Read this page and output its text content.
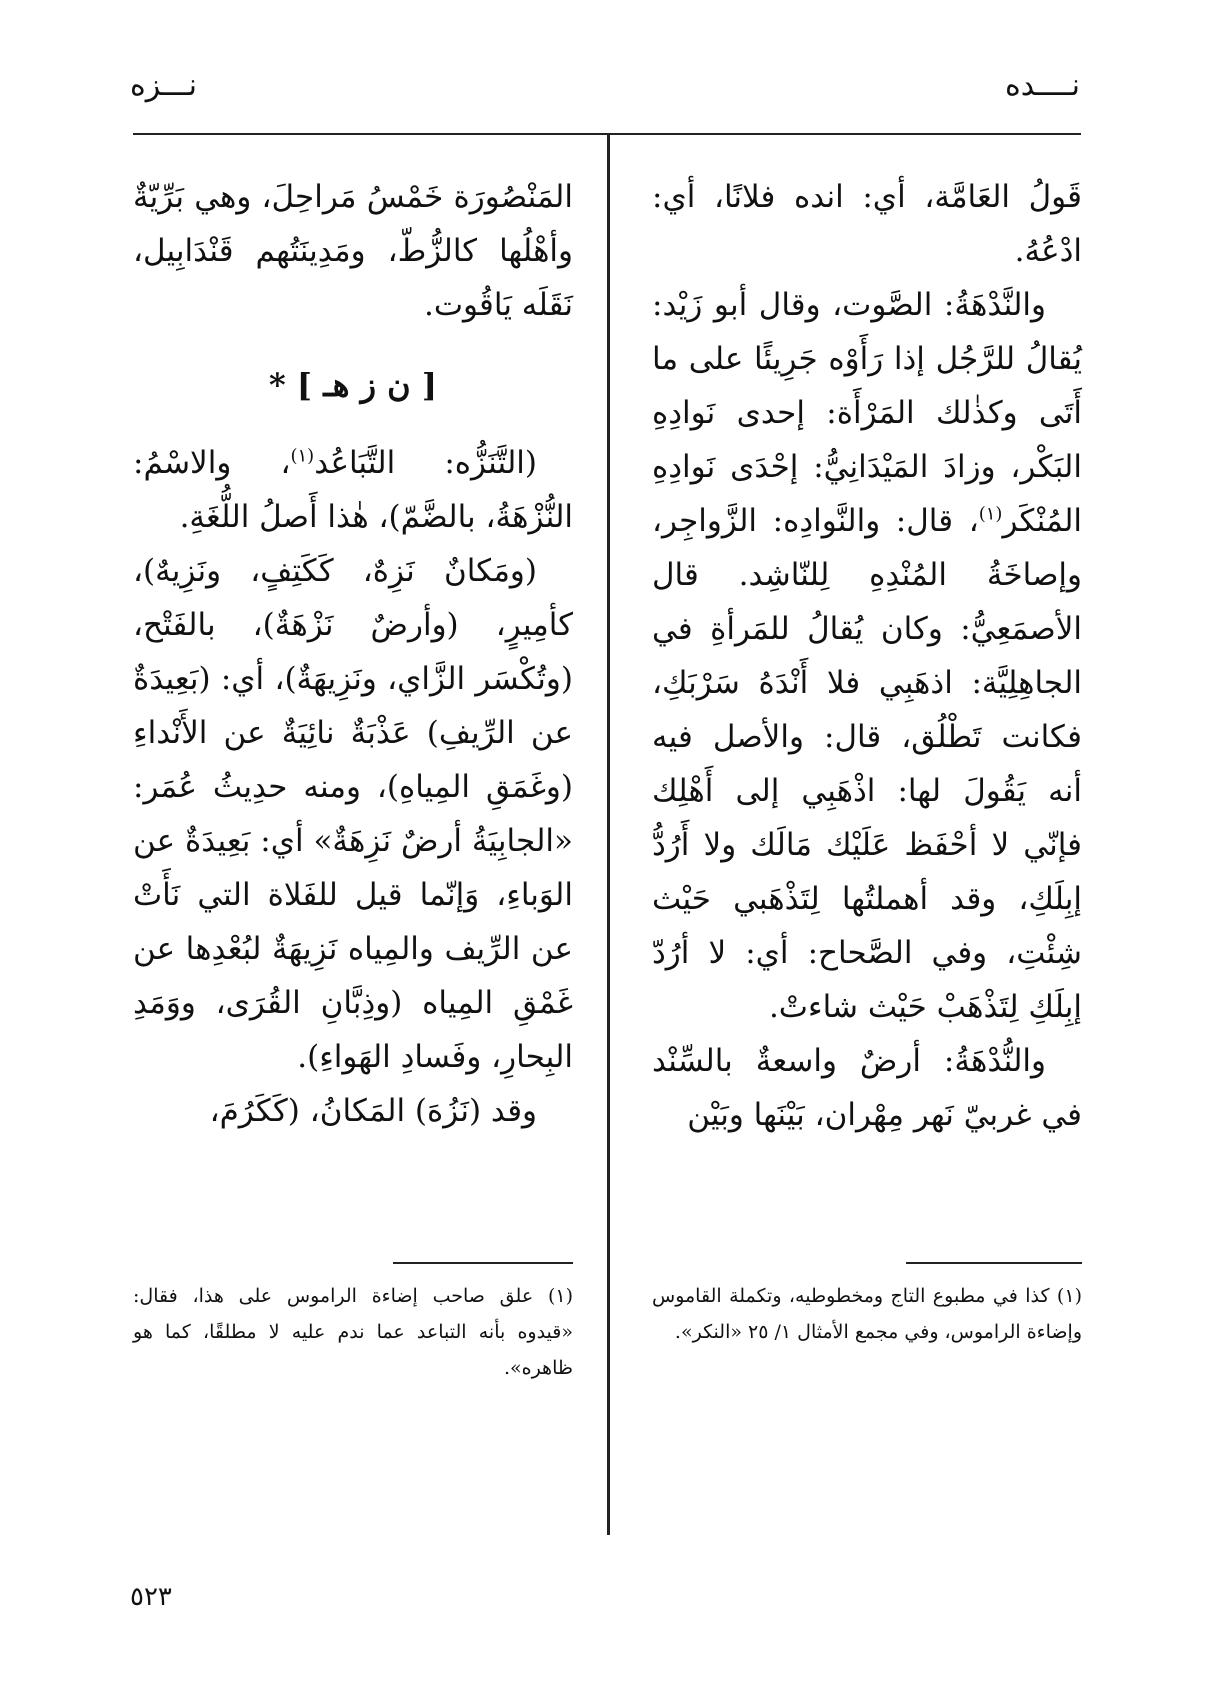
نــــده
نـــزه

قَولُ العَامَّة، أي: انده فلانًا، أي: ادْعُهُ.

والنَّدْهَةُ: الصَّوت، وقال أبو زَيْد: يُقالُ للرَّجُل إذا رَأَوْه جَرِيئًا على ما أَتَى وكذٰلك المَرْأَة: إحدى نَوادِهِ البَكْر، وزادَ المَيْدَانِيُّ: إحْدَى نَوادِهِ المُنْكَر$^{(١)}$، قال: والنَّوادِه: الزَّواجِر، وإصاخَةُ المُنْدِهِ لِلنّاشِد. قال الأصمَعِيُّ: وكان يُقالُ للمَرأةِ في الجاهِلِيَّة: اذهَبِي فلا أَنْدَهُ سَرْبَكِ، فكانت تَطْلُق، قال: والأصل فيه أنه يَقُولَ لها: اذْهَبِي إلى أَهْلِك فإنّي لا أحْفَظ عَلَيْك مَالَك ولا أَرُدُّ إبِلَكِ، وقد أهملتُها لِتَذْهَبي حَيْث شِئْتِ، وفي الصَّحاح: أي: لا أرُدّ إبِلَكِ لِتَذْهَبْ حَيْث شاءتْ.

والنُّدْهَةُ: أرضٌ واسعةٌ بالسِّنْد في غربيّ نَهر مِهْران، بَيْنَها وبَيْن

المَنْصُورَة خَمْسُ مَراحِلَ، وهي بَرِّيّةٌ وأهْلُها كالزُّطّ، ومَدِينَتُهم قَنْدَابِيل، نَقَلَه يَاقُوت.

[ ن ز هـ ] *

(التَّنَزُّه: التَّبَاعُد$^{(١)}$، والاسْمُ: النُّزْهَةُ، بالضَّمّ)، هٰذا أَصلُ اللُّغَةِ.

(ومَكانٌ نَزِهٌ، كَكَتِفٍ، ونَزِيهٌ)، كأمِيرٍ، (وأرضٌ نَزْهَةٌ)، بالفَتْح، (وتُكْسَر الزَّاي، ونَزِيهَةٌ)، أي: (بَعِيدَةٌ عن الرِّيفِ) عَذْبَةٌ نائِيَةٌ عن الأَنْداءِ (وغَمَقِ المِياهِ)، ومنه حدِيثُ عُمَر: «الجابِيَةُ أرضٌ نَزِهَةٌ» أي: بَعِيدَةٌ عن الوَباءِ، وَإنّما قيل للفَلاة التي نَأَتْ عن الرِّيف والمِياه نَزِيهَةٌ لبُعْدِها عن غَمْقِ المِياه (وذِبَّانِ القُرَى، ووَمَدِ البِحارِ، وفَسادِ الهَواءِ).

وقد (نَزُهَ) المَكانُ، (كَكَرُمَ،

(١) كذا في مطبوع التاج ومخطوطيه، وتكملة القاموس وإضاءة الراموس، وفي مجمع الأمثال ١/ ٢٥ «النكر».

(١) علق صاحب إضاءة الراموس على هذا، فقال: «قيدوه بأنه التباعد عما ندم عليه لا مطلقًا، كما هو ظاهره».

٥٢٣
